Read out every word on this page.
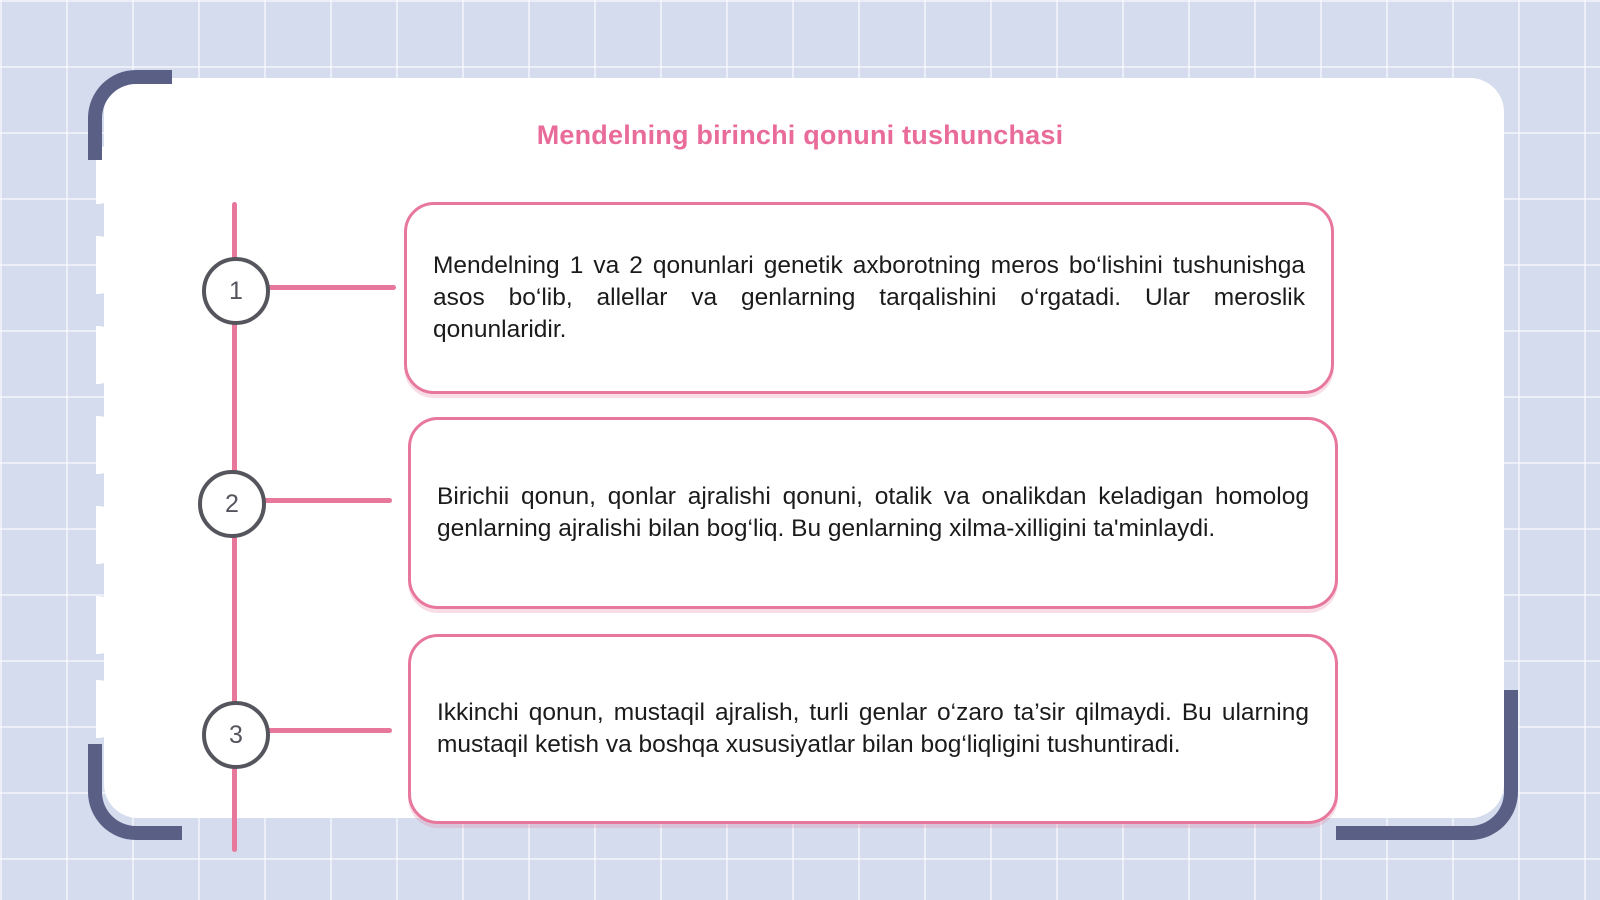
Mendelning birinchi qonuni tushunchasi
1
Mendelning 1 va 2 qonunlari genetik axborotning meros bo‘lishini tushunishga asos bo‘lib, allellar va genlarning tarqalishini o‘rgatadi. Ular meroslik qonunlaridir.
2	Birichii qonun, qonlar ajralishi qonuni, otalik va onalikdan keladigan homolog genlarning ajralishi bilan bog‘liq. Bu genlarning xilma-xilligini ta'minlaydi.
3
Ikkinchi qonun, mustaqil ajralish, turli genlar o‘zaro ta’sir qilmaydi. Bu ularning mustaqil ketish va boshqa xususiyatlar bilan bog‘liqligini tushuntiradi.
